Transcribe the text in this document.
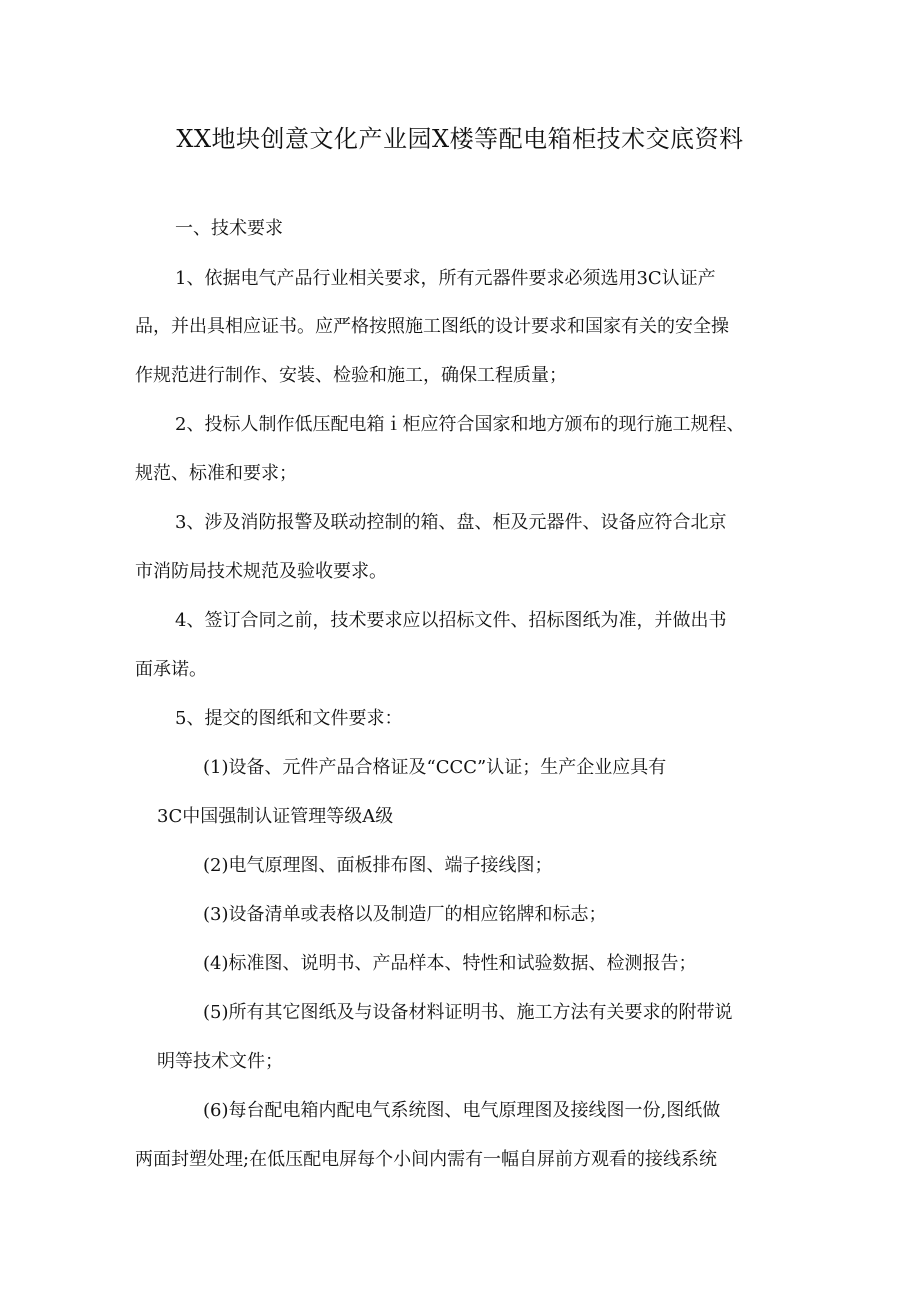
XX地块创意文化产业园X楼等配电箱柜技术交底资料

一、技术要求

1、依据电气产品行业相关要求，所有元器件要求必须选用3C认证产

品，并出具相应证书。应严格按照施工图纸的设计要求和国家有关的安全操

作规范进行制作、安装、检验和施工，确保工程质量；

2、投标人制作低压配电箱ｉ柜应符合国家和地方颁布的现行施工规程、

规范、标准和要求；

3、涉及消防报警及联动控制的箱、盘、柜及元器件、设备应符合北京

市消防局技术规范及验收要求。

4、签订合同之前，技术要求应以招标文件、招标图纸为准，并做出书

面承诺。

5、提交的图纸和文件要求：

(1)设备、元件产品合格证及“CCC”认证；生产企业应具有

3C中国强制认证管理等级A级

(2)电气原理图、面板排布图、端子接线图；

(3)设备清单或表格以及制造厂的相应铭牌和标志；

(4)标准图、说明书、产品样本、特性和试验数据、检测报告；

(5)所有其它图纸及与设备材料证明书、施工方法有关要求的附带说

明等技术文件；

(6)每台配电箱内配电气系统图、电气原理图及接线图一份,图纸做

两面封塑处理;在低压配电屏每个小间内需有一幅自屏前方观看的接线系统
